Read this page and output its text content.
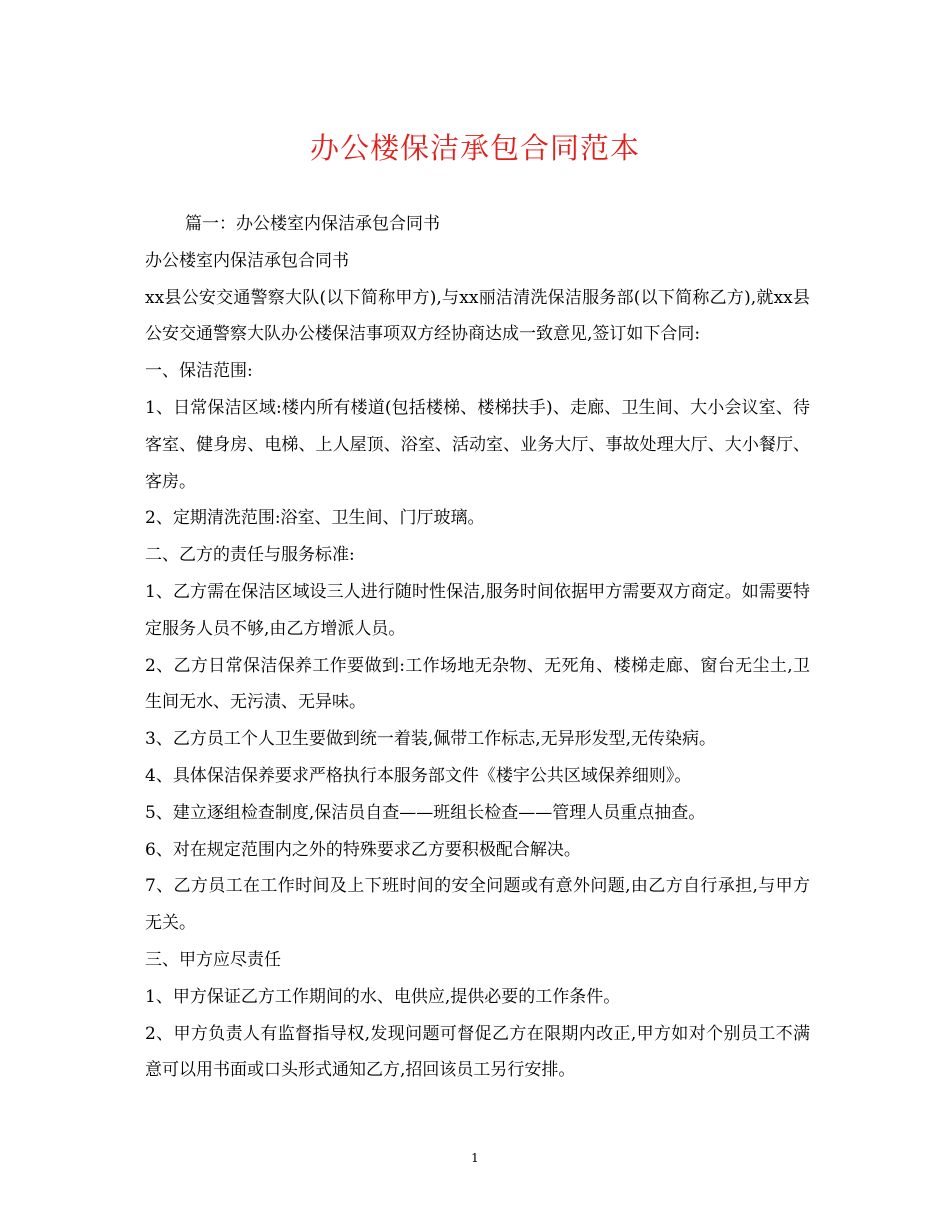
办公楼保洁承包合同范本

篇一：办公楼室内保洁承包合同书

办公楼室内保洁承包合同书

xx县公安交通警察大队(以下简称甲方),与xx丽洁清洗保洁服务部(以下简称乙方),就xx县公安交通警察大队办公楼保洁事项双方经协商达成一致意见,签订如下合同:

一、保洁范围:

1、日常保洁区域:楼内所有楼道(包括楼梯、楼梯扶手)、走廊、卫生间、大小会议室、待客室、健身房、电梯、上人屋顶、浴室、活动室、业务大厅、事故处理大厅、大小餐厅、客房。

2、定期清洗范围:浴室、卫生间、门厅玻璃。

二、乙方的责任与服务标准:

1、乙方需在保洁区域设三人进行随时性保洁,服务时间依据甲方需要双方商定。如需要特定服务人员不够,由乙方增派人员。

2、乙方日常保洁保养工作要做到:工作场地无杂物、无死角、楼梯走廊、窗台无尘土,卫生间无水、无污渍、无异味。

3、乙方员工个人卫生要做到统一着装,佩带工作标志,无异形发型,无传染病。

4、具体保洁保养要求严格执行本服务部文件《楼宇公共区域保养细则》。

5、建立逐组检查制度,保洁员自查——班组长检查——管理人员重点抽查。

6、对在规定范围内之外的特殊要求乙方要积极配合解决。

7、乙方员工在工作时间及上下班时间的安全问题或有意外问题,由乙方自行承担,与甲方无关。

三、甲方应尽责任

1、甲方保证乙方工作期间的水、电供应,提供必要的工作条件。

2、甲方负责人有监督指导权,发现问题可督促乙方在限期内改正,甲方如对个别员工不满意可以用书面或口头形式通知乙方,招回该员工另行安排。

1
